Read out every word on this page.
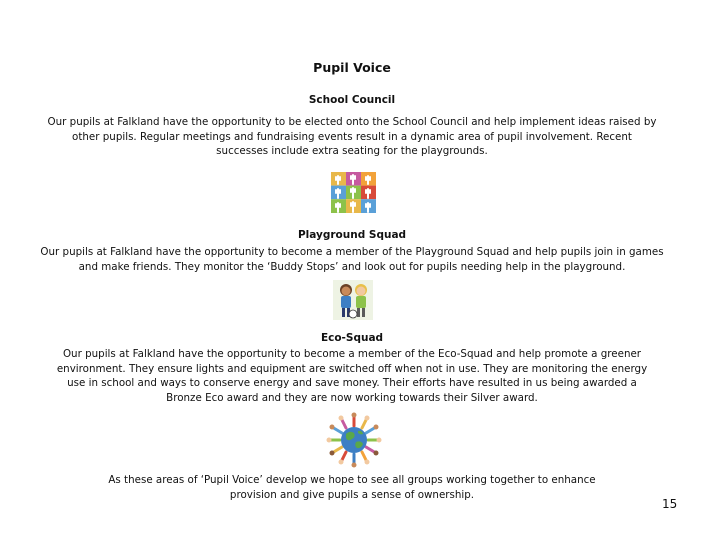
Pupil Voice
School Council
Our pupils at Falkland have the opportunity to be elected onto the School Council and help implement ideas raised by
other pupils. Regular meetings and fundraising events result in a dynamic area of pupil involvement. Recent
successes include extra seating for the playgrounds.
Playground Squad
Our pupils at Falkland have the opportunity to become a member of the Playground Squad and help pupils join in games
and make friends. They monitor the ‘Buddy Stops’ and look out for pupils needing help in the playground.
Eco-Squad
Our pupils at Falkland have the opportunity to become a member of the Eco-Squad and help promote a greener
environment. They ensure lights and equipment are switched off when not in use. They are monitoring the energy
use in school and ways to conserve energy and save money. Their efforts have resulted in us being awarded a
Bronze Eco award and they are now working towards their Silver award.
As these areas of ‘Pupil Voice’ develop we hope to see all groups working together to enhance
provision and give pupils a sense of ownership.
15
